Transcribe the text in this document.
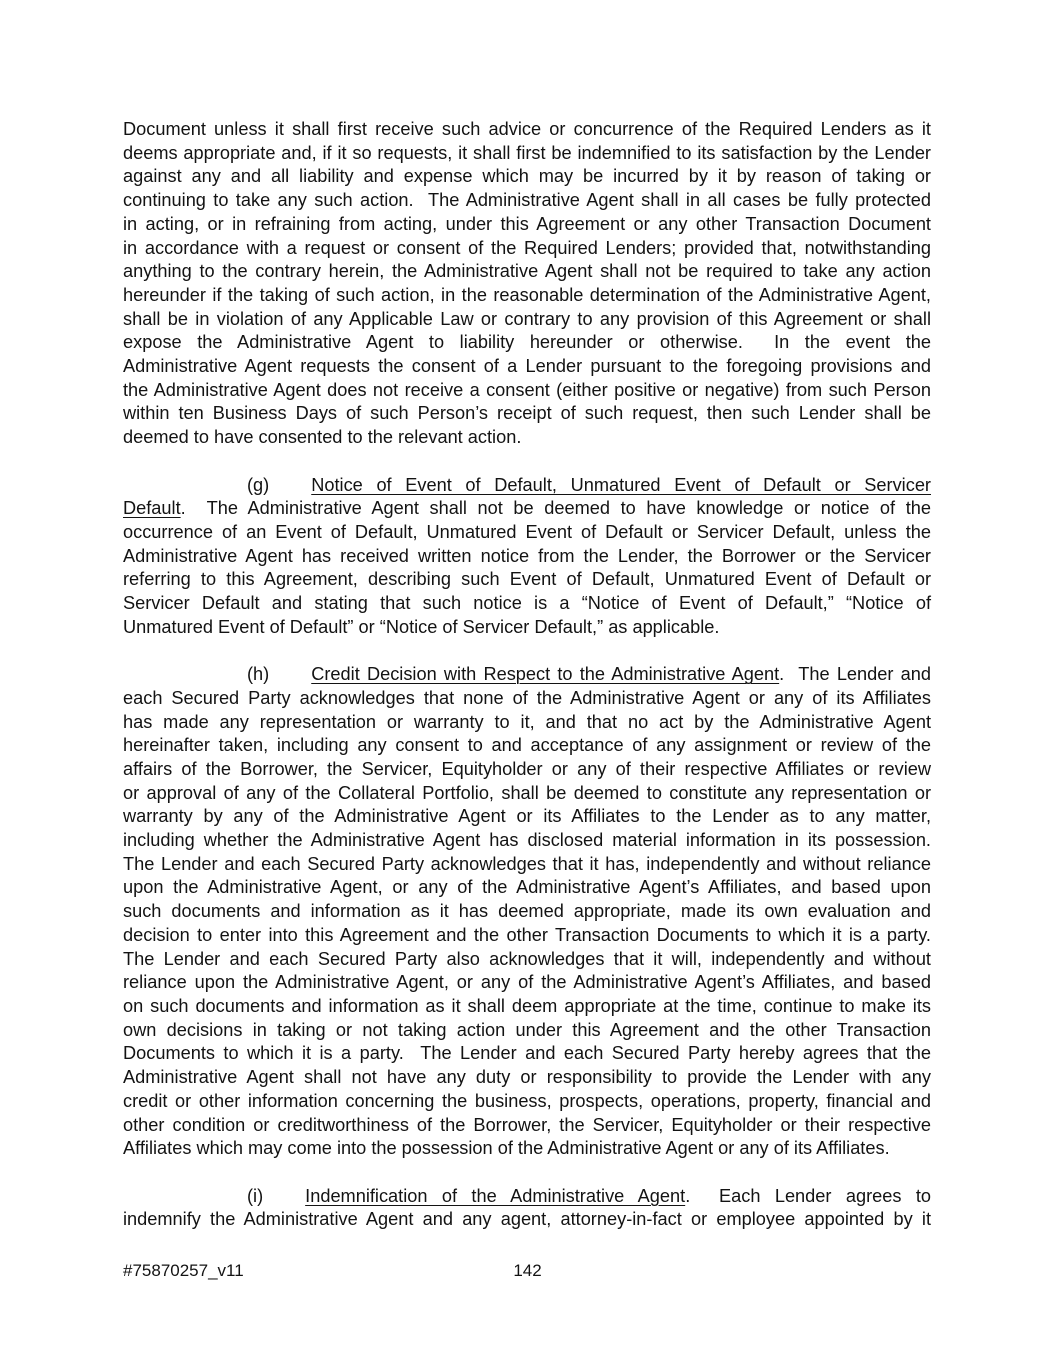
Document unless it shall first receive such advice or concurrence of the Required Lenders as it
deems appropriate and, if it so requests, it shall first be indemnified to its satisfaction by the Lender
against any and all liability and expense which may be incurred by it by reason of taking or
continuing to take any such action.  The Administrative Agent shall in all cases be fully protected
in acting, or in refraining from acting, under this Agreement or any other Transaction Document
in accordance with a request or consent of the Required Lenders; provided that, notwithstanding
anything to the contrary herein, the Administrative Agent shall not be required to take any action
hereunder if the taking of such action, in the reasonable determination of the Administrative Agent,
shall be in violation of any Applicable Law or contrary to any provision of this Agreement or shall
expose the Administrative Agent to liability hereunder or otherwise.  In the event the
Administrative Agent requests the consent of a Lender pursuant to the foregoing provisions and
the Administrative Agent does not receive a consent (either positive or negative) from such Person
within ten Business Days of such Person’s receipt of such request, then such Lender shall be
deemed to have consented to the relevant action.
(g) Notice of Event of Default, Unmatured Event of Default or Servicer
Default.  The Administrative Agent shall not be deemed to have knowledge or notice of the
occurrence of an Event of Default, Unmatured Event of Default or Servicer Default, unless the
Administrative Agent has received written notice from the Lender, the Borrower or the Servicer
referring to this Agreement, describing such Event of Default, Unmatured Event of Default or
Servicer Default and stating that such notice is a “Notice of Event of Default,” “Notice of
Unmatured Event of Default” or “Notice of Servicer Default,” as applicable.
(h) Credit Decision with Respect to the Administrative Agent.  The Lender and
each Secured Party acknowledges that none of the Administrative Agent or any of its Affiliates
has made any representation or warranty to it, and that no act by the Administrative Agent
hereinafter taken, including any consent to and acceptance of any assignment or review of the
affairs of the Borrower, the Servicer, Equityholder or any of their respective Affiliates or review
or approval of any of the Collateral Portfolio, shall be deemed to constitute any representation or
warranty by any of the Administrative Agent or its Affiliates to the Lender as to any matter,
including whether the Administrative Agent has disclosed material information in its possession.
The Lender and each Secured Party acknowledges that it has, independently and without reliance
upon the Administrative Agent, or any of the Administrative Agent’s Affiliates, and based upon
such documents and information as it has deemed appropriate, made its own evaluation and
decision to enter into this Agreement and the other Transaction Documents to which it is a party.
The Lender and each Secured Party also acknowledges that it will, independently and without
reliance upon the Administrative Agent, or any of the Administrative Agent’s Affiliates, and based
on such documents and information as it shall deem appropriate at the time, continue to make its
own decisions in taking or not taking action under this Agreement and the other Transaction
Documents to which it is a party.  The Lender and each Secured Party hereby agrees that the
Administrative Agent shall not have any duty or responsibility to provide the Lender with any
credit or other information concerning the business, prospects, operations, property, financial and
other condition or creditworthiness of the Borrower, the Servicer, Equityholder or their respective
Affiliates which may come into the possession of the Administrative Agent or any of its Affiliates.
(i) Indemnification of the Administrative Agent.  Each Lender agrees to
indemnify the Administrative Agent and any agent, attorney-in-fact or employee appointed by it
#75870257_v11	142
